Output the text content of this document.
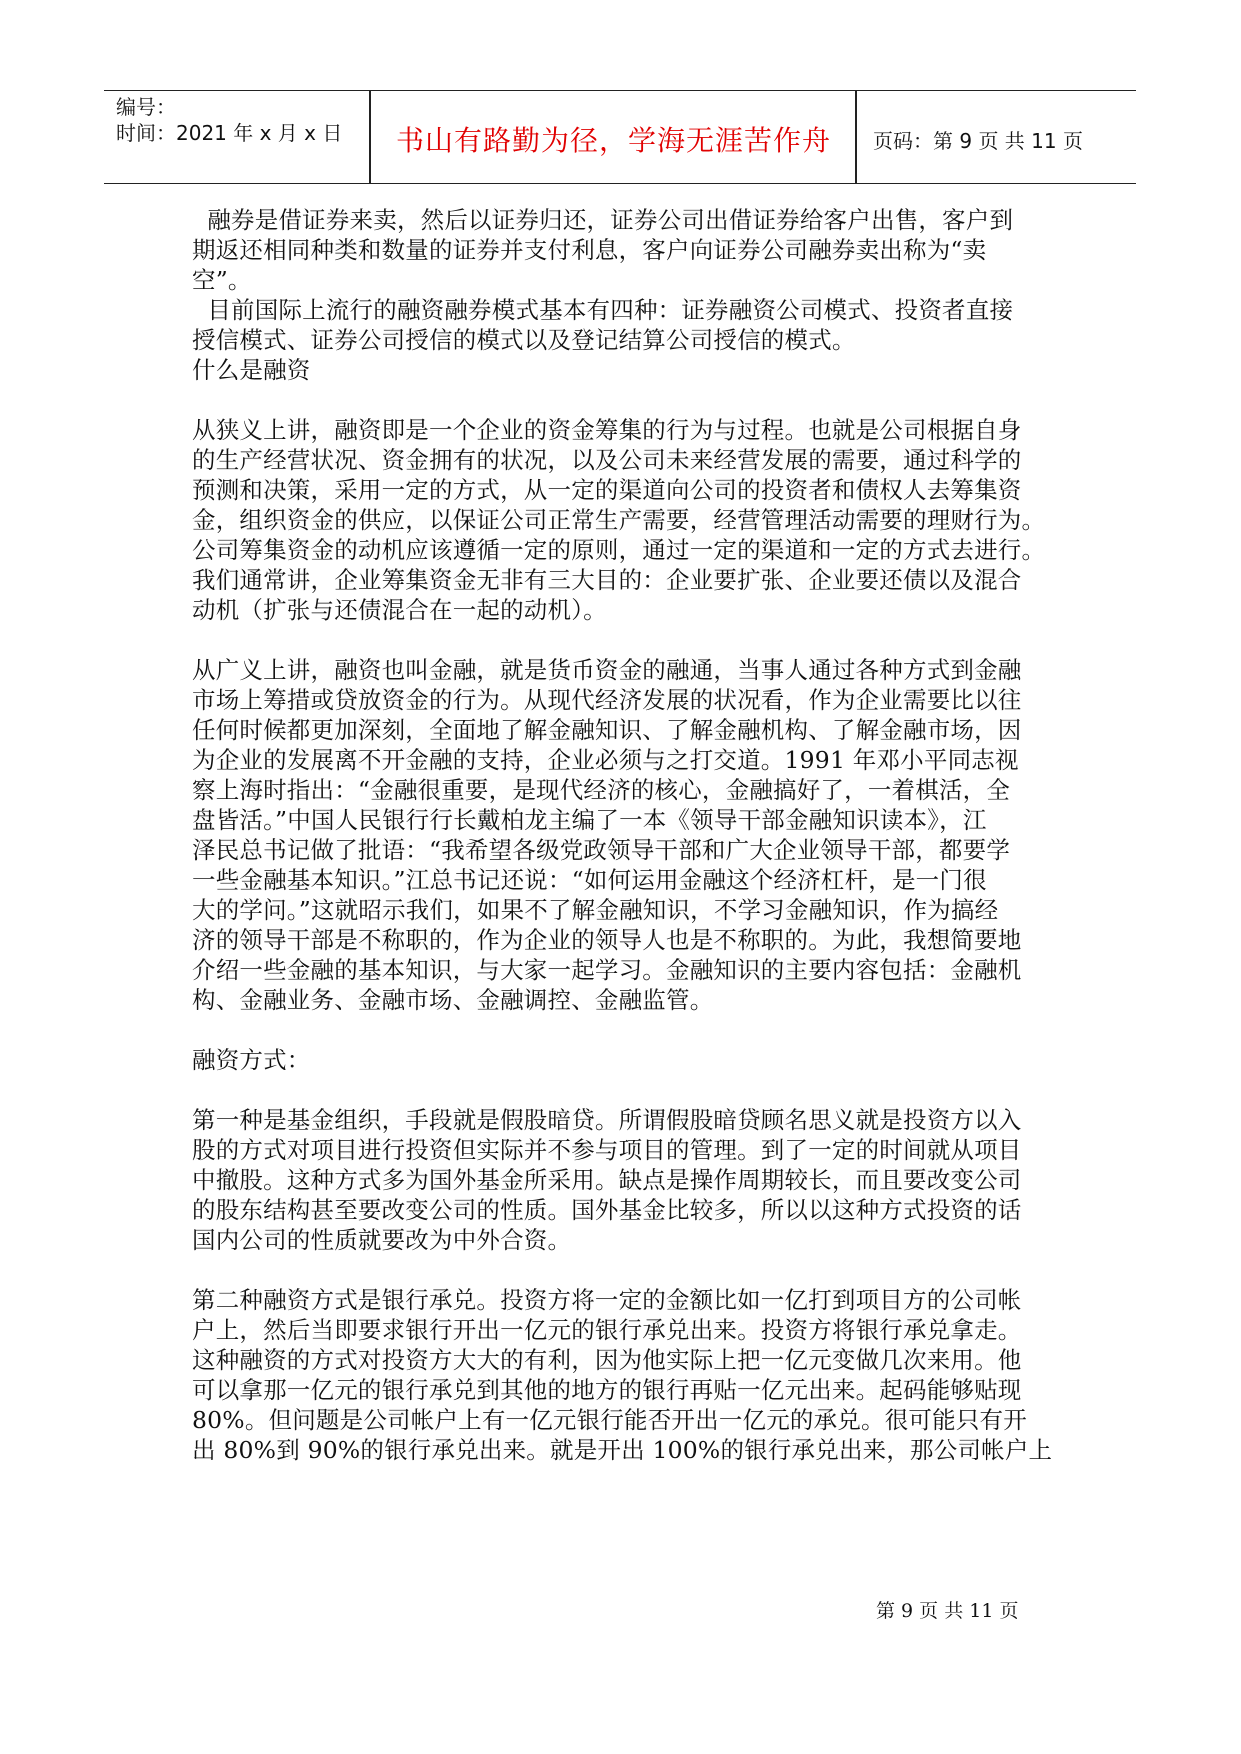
编号：
时间：2021 年 x 月 x 日	书山有路勤为径，学海无涯苦作舟	页码：第 9 页 共 11 页
融券是借证券来卖，然后以证券归还，证券公司出借证券给客户出售，客户到
期返还相同种类和数量的证券并支付利息，客户向证券公司融券卖出称为“卖
空”。
目前国际上流行的融资融券模式基本有四种：证券融资公司模式、投资者直接
授信模式、证券公司授信的模式以及登记结算公司授信的模式。
什么是融资
从狭义上讲，融资即是一个企业的资金筹集的行为与过程。也就是公司根据自身
的生产经营状况、资金拥有的状况，以及公司未来经营发展的需要，通过科学的
预测和决策，采用一定的方式，从一定的渠道向公司的投资者和债权人去筹集资
金，组织资金的供应，以保证公司正常生产需要，经营管理活动需要的理财行为。
公司筹集资金的动机应该遵循一定的原则，通过一定的渠道和一定的方式去进行。
我们通常讲，企业筹集资金无非有三大目的：企业要扩张、企业要还债以及混合
动机（扩张与还债混合在一起的动机）。
从广义上讲，融资也叫金融，就是货币资金的融通，当事人通过各种方式到金融
市场上筹措或贷放资金的行为。从现代经济发展的状况看，作为企业需要比以往
任何时候都更加深刻，全面地了解金融知识、了解金融机构、了解金融市场，因
为企业的发展离不开金融的支持，企业必须与之打交道。1991 年邓小平同志视
察上海时指出：“金融很重要，是现代经济的核心，金融搞好了，一着棋活，全
盘皆活。”中国人民银行行长戴柏龙主编了一本《领导干部金融知识读本》，江
泽民总书记做了批语：“我希望各级党政领导干部和广大企业领导干部，都要学
一些金融基本知识。”江总书记还说：“如何运用金融这个经济杠杆，是一门很
大的学问。”这就昭示我们，如果不了解金融知识，不学习金融知识，作为搞经
济的领导干部是不称职的，作为企业的领导人也是不称职的。为此，我想简要地
介绍一些金融的基本知识，与大家一起学习。金融知识的主要内容包括：金融机
构、金融业务、金融市场、金融调控、金融监管。
融资方式：
第一种是基金组织，手段就是假股暗贷。所谓假股暗贷顾名思义就是投资方以入
股的方式对项目进行投资但实际并不参与项目的管理。到了一定的时间就从项目
中撤股。这种方式多为国外基金所采用。缺点是操作周期较长，而且要改变公司
的股东结构甚至要改变公司的性质。国外基金比较多，所以以这种方式投资的话
国内公司的性质就要改为中外合资。
第二种融资方式是银行承兑。投资方将一定的金额比如一亿打到项目方的公司帐
户上，然后当即要求银行开出一亿元的银行承兑出来。投资方将银行承兑拿走。
这种融资的方式对投资方大大的有利，因为他实际上把一亿元变做几次来用。他
可以拿那一亿元的银行承兑到其他的地方的银行再贴一亿元出来。起码能够贴现
80%。但问题是公司帐户上有一亿元银行能否开出一亿元的承兑。很可能只有开
出 80%到 90%的银行承兑出来。就是开出 100%的银行承兑出来，那公司帐户上
第 9 页 共 11 页
